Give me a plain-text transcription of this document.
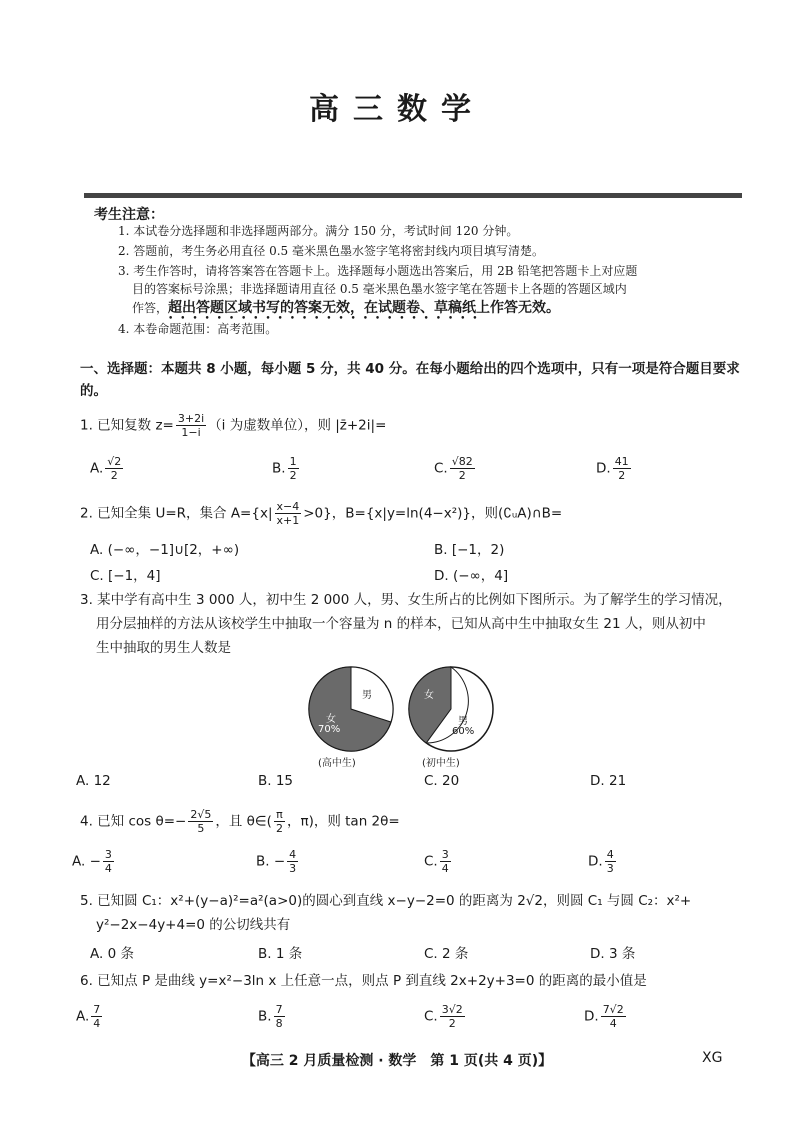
高三数学
考生注意：
1. 本试卷分选择题和非选择题两部分。满分 150 分，考试时间 120 分钟。
2. 答题前，考生务必用直径 0.5 毫米黑色墨水签字笔将密封线内项目填写清楚。
3. 考生作答时，请将答案答在答题卡上。选择题每小题选出答案后，用 2B 铅笔把答题卡上对应题
目的答案标号涂黑；非选择题请用直径 0.5 毫米黑色墨水签字笔在答题卡上各题的答题区域内
作答，超出答题区域书写的答案无效，在试题卷、草稿纸上作答无效。
• • • • • • • • • • • • • • • • • • • • • • • • • •
4. 本卷命题范围：高考范围。
一、选择题：本题共 8 小题，每小题 5 分，共 40 分。在每小题给出的四个选项中，只有一项是符合题目要求的。
1. 已知复数 $z= \frac{3+2i}{1-i} (i$ 为虚数单位），则 |z̄+2i|=
A. $\frac{√2}{2}$	B. $\frac{1}{2}$	C. $\frac{√82}{2}$	D. $\frac{41}{2}$
2. 已知全集 U=R，集合 $A=\{x| \frac{x-4}{x+1} >0\}$，B={x|y=ln(4−x²)}，则(∁ᵤA)∩B=
A. (−∞，−1]∪[2，+∞)	B. [−1，2)
C. [−1，4]	D. (−∞，4]
3. 某中学有高中生 3 000 人，初中生 2 000 人，男、女生所占的比例如下图所示。为了解学生的学习情况，
用分层抽样的方法从该校学生中抽取一个容量为 n 的样本，已知从高中生中抽取女生 21 人，则从初中
生中抽取的男生人数是
男
女
70%
(高中生)
女
男
60%
(初中生)
A. 12	B. 15	C. 20	D. 21
4. 已知 $\cos \theta=- \frac{2√5}{5}$ ，且 θ∈( $\frac{\pi}{2}$ ，π)，则 tan 2θ=
A. − $\frac{3}{4}$	B. − $\frac{4}{3}$	C. $\frac{3}{4}$	D. $\frac{4}{3}$
5. 已知圆 C₁：x²+(y−a)²=a²(a>0)的圆心到直线 x−y−2=0 的距离为 2√2，则圆 C₁ 与圆 C₂：x²+
y²−2x−4y+4=0 的公切线共有
A. 0 条	B. 1 条	C. 2 条	D. 3 条
6. 已知点 P 是曲线 y=x²−3ln x 上任意一点，则点 P 到直线 2x+2y+3=0 的距离的最小值是
A. $\frac{7}{4}$	B. $\frac{7}{8}$	C. $\frac{3√2}{2}$	D. $\frac{7√2}{4}$
【高三 2 月质量检测 · 数学　第 1 页(共 4 页)】	XG
